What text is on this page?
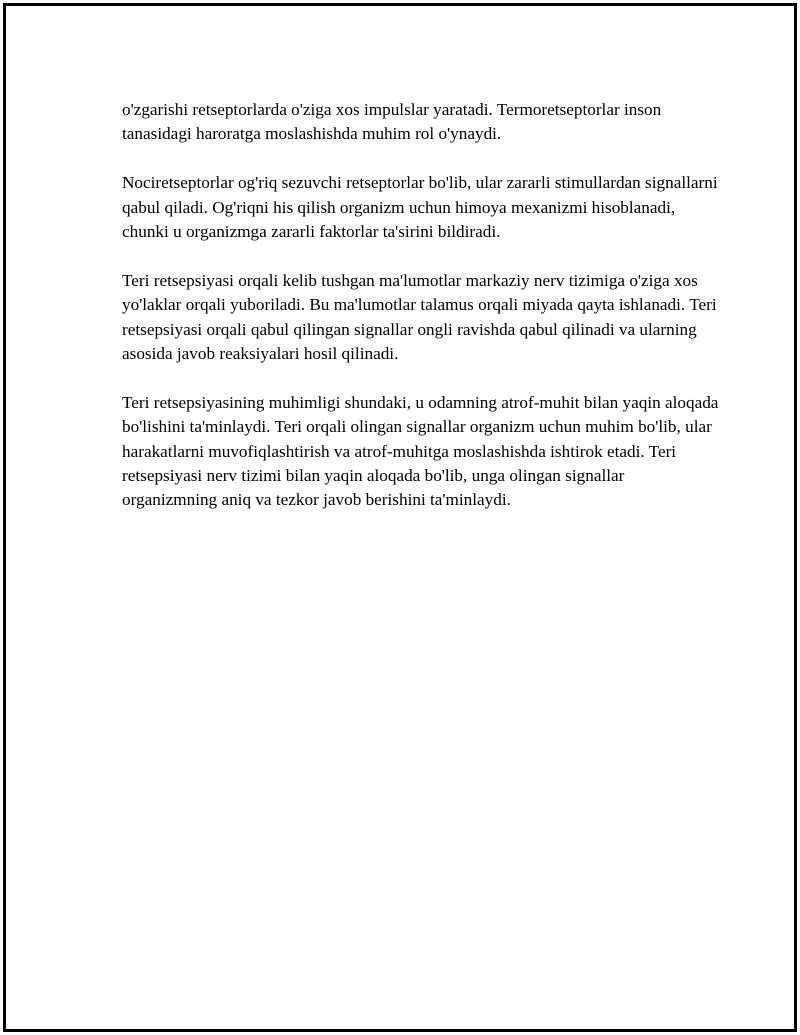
o'zgarishi retseptorlarda o'ziga xos impulslar yaratadi. Termoretseptorlar inson tanasidagi haroratga moslashishda muhim rol o'ynaydi.

Nociretseptorlar og'riq sezuvchi retseptorlar bo'lib, ular zararli stimullardan signallarni qabul qiladi. Og'riqni his qilish organizm uchun himoya mexanizmi hisoblanadi, chunki u organizmga zararli faktorlar ta'sirini bildiradi.

Teri retsepsiyasi orqali kelib tushgan ma'lumotlar markaziy nerv tizimiga o'ziga xos yo'laklar orqali yuboriladi. Bu ma'lumotlar talamus orqali miyada qayta ishlanadi. Teri retsepsiyasi orqali qabul qilingan signallar ongli ravishda qabul qilinadi va ularning asosida javob reaksiyalari hosil qilinadi.

Teri retsepsiyasining muhimligi shundaki, u odamning atrof-muhit bilan yaqin aloqada bo'lishini ta'minlaydi. Teri orqali olingan signallar organizm uchun muhim bo'lib, ular harakatlarni muvofiqlashtirish va atrof-muhitga moslashishda ishtirok etadi. Teri retsepsiyasi nerv tizimi bilan yaqin aloqada bo'lib, unga olingan signallar organizmning aniq va tezkor javob berishini ta'minlaydi.
